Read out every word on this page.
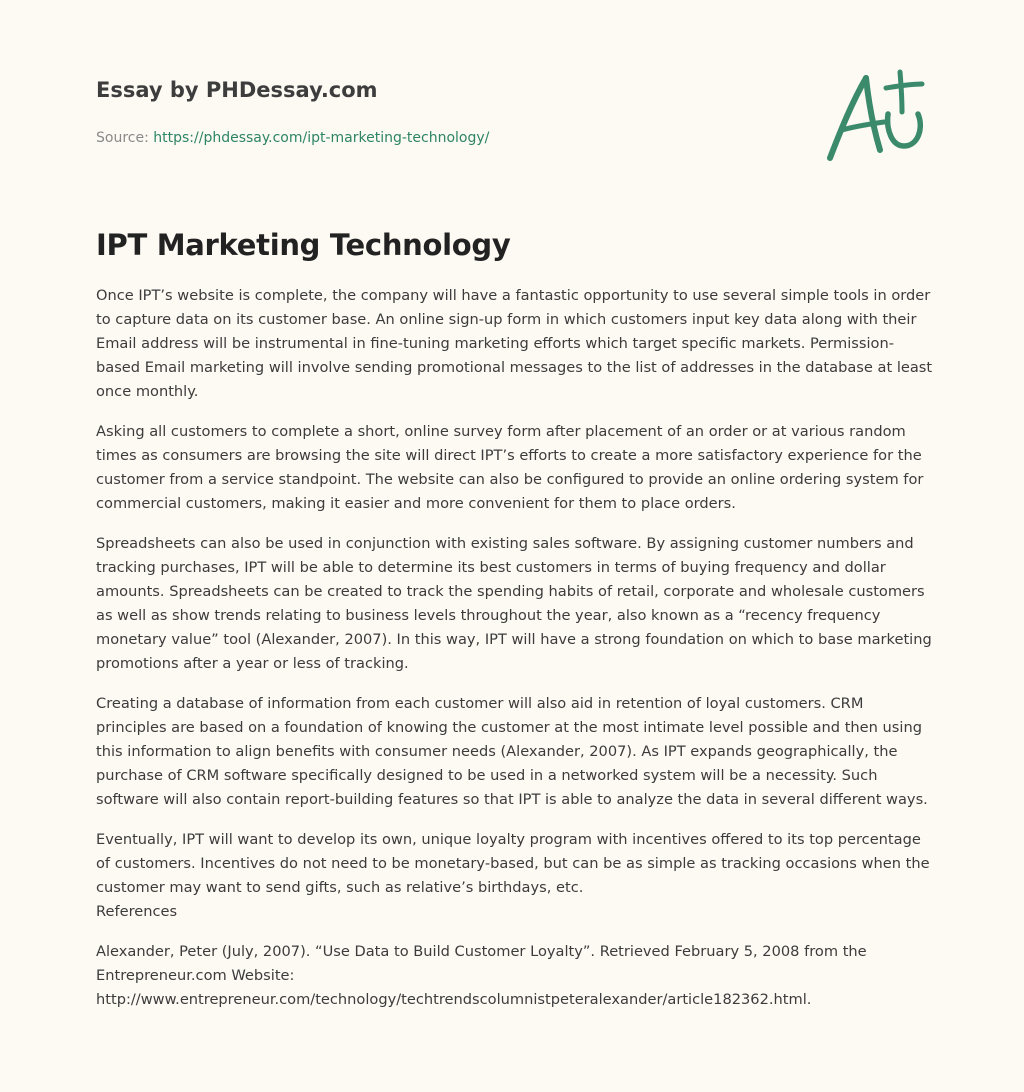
Essay by PHDessay.com
Source: https://phdessay.com/ipt-marketing-technology/
IPT Marketing Technology

Once IPT’s website is complete, the company will have a fantastic opportunity to use several simple tools in order to capture data on its customer base. An online sign-up form in which customers input key data along with their Email address will be instrumental in fine-tuning marketing efforts which target specific markets. Permission-based Email marketing will involve sending promotional messages to the list of addresses in the database at least once monthly.

Asking all customers to complete a short, online survey form after placement of an order or at various random times as consumers are browsing the site will direct IPT’s efforts to create a more satisfactory experience for the customer from a service standpoint. The website can also be configured to provide an online ordering system for commercial customers, making it easier and more convenient for them to place orders.

Spreadsheets can also be used in conjunction with existing sales software. By assigning customer numbers and tracking purchases, IPT will be able to determine its best customers in terms of buying frequency and dollar amounts. Spreadsheets can be created to track the spending habits of retail, corporate and wholesale customers as well as show trends relating to business levels throughout the year, also known as a “recency frequency monetary value” tool (Alexander, 2007). In this way, IPT will have a strong foundation on which to base marketing promotions after a year or less of tracking.

Creating a database of information from each customer will also aid in retention of loyal customers. CRM principles are based on a foundation of knowing the customer at the most intimate level possible and then using this information to align benefits with consumer needs (Alexander, 2007). As IPT expands geographically, the purchase of CRM software specifically designed to be used in a networked system will be a necessity. Such software will also contain report-building features so that IPT is able to analyze the data in several different ways.

Eventually, IPT will want to develop its own, unique loyalty program with incentives offered to its top percentage of customers. Incentives do not need to be monetary-based, but can be as simple as tracking occasions when the customer may want to send gifts, such as relative’s birthdays, etc.

References

Alexander, Peter (July, 2007). “Use Data to Build Customer Loyalty”. Retrieved February 5, 2008 from the Entrepreneur.com Website:
http://www.entrepreneur.com/technology/techtrendscolumnistpeteralexander/article182362.html.
